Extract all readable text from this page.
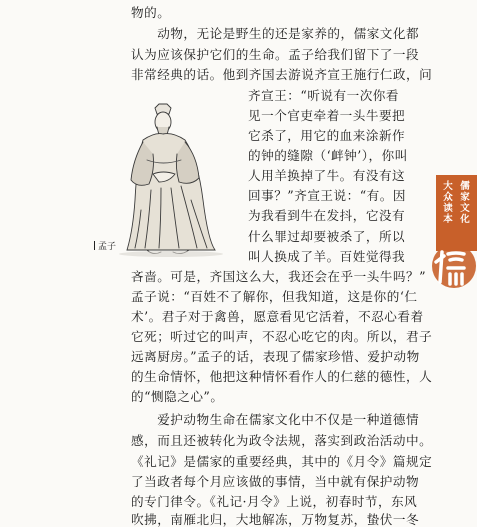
物的。
　　动物，无论是野生的还是家养的，儒家文化都
认为应该保护它们的生命。孟子给我们留下了一段
非常经典的话。他到齐国去游说齐宣王施行仁政，问
齐宣王：“听说有一次你看
见一个官吏牵着一头牛要把
它杀了，用它的血来涂新作
的钟的缝隙（‘衅钟’），你叫
人用羊换掉了牛。有没有这
回事？”齐宣王说：“有。因
为我看到牛在发抖，它没有
什么罪过却要被杀了，所以
叫人换成了羊。百姓觉得我
吝啬。可是，齐国这么大，我还会在乎一头牛吗？”
孟子说：“百姓不了解你，但我知道，这是你的‘仁
术’。君子对于禽兽，愿意看见它活着，不忍心看着
它死；听过它的叫声，不忍心吃它的肉。所以，君子
远离厨房。”孟子的话，表现了儒家珍惜、爱护动物
的生命情怀，他把这种情怀看作人的仁慈的德性，人
的“恻隐之心”。
　　爱护动物生命在儒家文化中不仅是一种道德情
感，而且还被转化为政令法规，落实到政治活动中。
《礼记》是儒家的重要经典，其中的《月令》篇规定
了当政者每个月应该做的事情，当中就有保护动物
的专门律令。《礼记·月令》上说，初春时节，东风
吹拂，南雁北归，大地解冻，万物复苏，蛰伏一冬
孟子
大众读本
儒家文化
